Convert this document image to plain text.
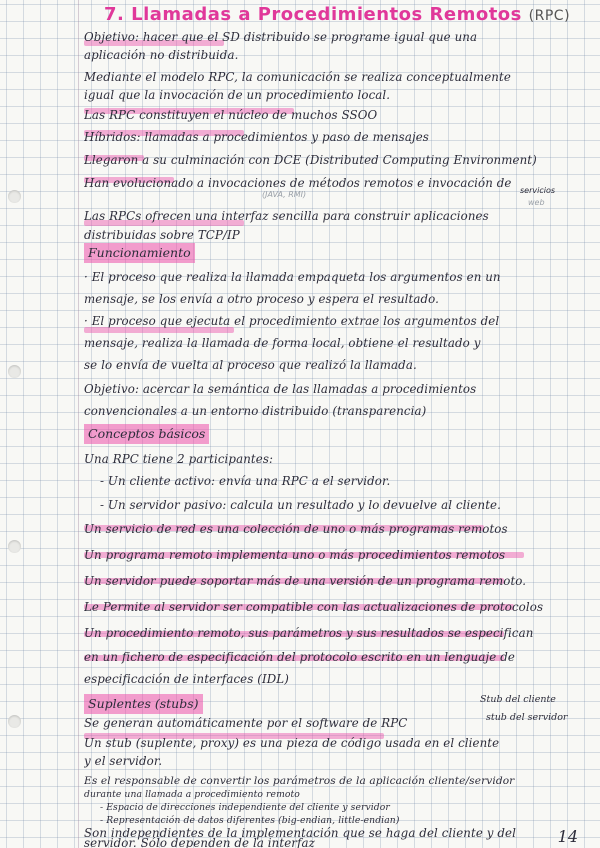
7. Llamadas a Procedimientos Remotos (RPC)
Objetivo: hacer que el SD distribuido se programe igual que una
aplicación no distribuida.
Mediante el modelo RPC, la comunicación se realiza conceptualmente
igual que la invocación de un procedimiento local.
Las RPC constituyen el núcleo de muchos SSOO
Híbridos: llamadas a procedimientos y paso de mensajes
Llegaron a su culminación con DCE (Distributed Computing Environment)
Han evolucionado a invocaciones de métodos remotos e invocación de
(JAVA, RMI)	servicios
web
Las RPCs ofrecen una interfaz sencilla para construir aplicaciones
distribuidas sobre TCP/IP
Funcionamiento
· El proceso que realiza la llamada empaqueta los argumentos en un
mensaje, se los envía a otro proceso y espera el resultado.
· El proceso que ejecuta el procedimiento extrae los argumentos del
mensaje, realiza la llamada de forma local, obtiene el resultado y
se lo envía de vuelta al proceso que realizó la llamada.
Objetivo: acercar la semántica de las llamadas a procedimientos
convencionales a un entorno distribuido (transparencia)
Conceptos básicos
Una RPC tiene 2 participantes:
- Un cliente activo: envía una RPC a el servidor.
- Un servidor pasivo: calcula un resultado y lo devuelve al cliente.
Un servicio de red es una colección de uno o más programas remotos
Un programa remoto implementa uno o más procedimientos remotos
Un servidor puede soportar más de una versión de un programa remoto.
Le Permite al servidor ser compatible con las actualizaciones de protocolos
Un procedimiento remoto, sus parámetros y sus resultados se especifican
en un fichero de especificación del protocolo escrito en un lenguaje de
especificación de interfaces (IDL)
Suplentes (stubs)	Stub del cliente
stub del servidor
Se generan automáticamente por el software de RPC
Un stub (suplente, proxy) es una pieza de código usada en el cliente
y el servidor.
Es el responsable de convertir los parámetros de la aplicación cliente/servidor
durante una llamada a procedimiento remoto
- Espacio de direcciones independiente del cliente y servidor
- Representación de datos diferentes (big-endian, little-endian)
Son independientes de la implementación que se haga del cliente y del
servidor. Sólo dependen de la interfaz	14
